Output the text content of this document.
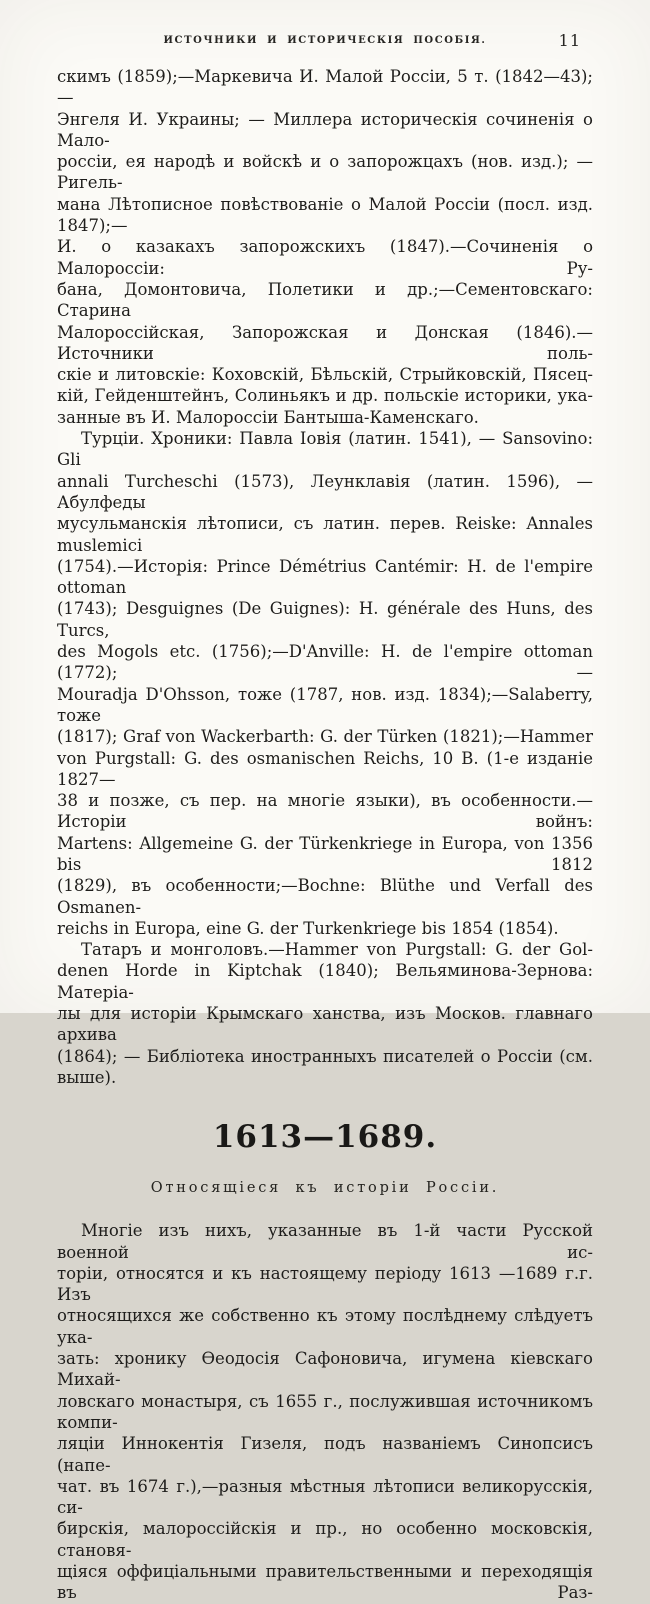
ИСТОЧНИКИ И ИСТОРИЧЕСКІЯ ПОСОБІЯ.	11
скимъ (1859);—Маркевича И. Малой Россіи, 5 т. (1842—43);—
Энгеля И. Украины; — Миллера историческія сочиненія о Мало-
россіи, ея народѣ и войскѣ и о запорожцахъ (нов. изд.); — Ригель-
мана Лѣтописное повѣствованіе о Малой Россіи (посл. изд. 1847);—
И. о казакахъ запорожскихъ (1847).—Сочиненія о Малороссіи: Ру-
бана, Домонтовича, Полетики и др.;—Сементовскаго: Старина
Малороссійская, Запорожская и Донская (1846).—Источники поль-
скіе и литовскіе: Коховскій, Бѣльскій, Стрыйковскій, Пясец-
кій, Гейденштейнъ, Солиньякъ и др. польскіе историки, ука-
занные въ И. Малороссіи Бантыша-Каменскаго.
Турціи. Хроники: Павла Іовія (латин. 1541), — Sansovino: Gli
annali Turcheschi (1573), Леунклавія (латин. 1596), — Абулфеды
мусульманскія лѣтописи, съ латин. перев. Reiske: Annales muslemici
(1754).—Исторія: Prince Démétrius Cantémir: H. de l'empire ottoman
(1743); Desguignes (De Guignes): H. générale des Huns, des Turcs,
des Mogols etc. (1756);—D'Anville: H. de l'empire ottoman (1772); —
Mouradja D'Ohsson, тоже (1787, нов. изд. 1834);—Salaberry, тоже
(1817); Graf von Wackerbarth: G. der Türken (1821);—Hammer
von Purgstall: G. des osmanischen Reichs, 10 B. (1-е изданіе 1827—
38 и позже, съ пер. на многіе языки), въ особенности.—Исторіи войнъ:
Martens: Allgemeine G. der Türkenkriege in Europa, von 1356 bis 1812
(1829), въ особенности;—Bochne: Blüthe und Verfall des Osmanen-
reichs in Europa, eine G. der Turkenkriege bis 1854 (1854).
Татаръ и монголовъ.—Hammer von Purgstall: G. der Gol-
denen Horde in Kiptchak (1840); Вельяминова-Зернова: Матеріа-
лы для исторіи Крымскаго ханства, изъ Москов. главнаго архива
(1864); — Библіотека иностранныхъ писателей о Россіи (см. выше).
1613—1689.
Относящіеся къ исторіи Россіи.
Многіе изъ нихъ, указанные въ 1-й части Русской военной ис-
торіи, относятся и къ настоящему періоду 1613 —1689 г.г. Изъ
относящихся же собственно къ этому послѣднему слѣдуетъ ука-
зать: хронику Ѳеодосія Сафоновича, игумена кіевскаго Михай-
ловскаго монастыря, съ 1655 г., послужившая источникомъ компи-
ляціи Иннокентія Гизеля, подъ названіемъ Синопсисъ (напе-
чат. въ 1674 г.),—разныя мѣстныя лѣтописи великорусскія, си-
бирскія, малороссійскія и пр., но особенно московскія, становя-
щіяся оффиціальными правительственными и переходящія въ Раз-
